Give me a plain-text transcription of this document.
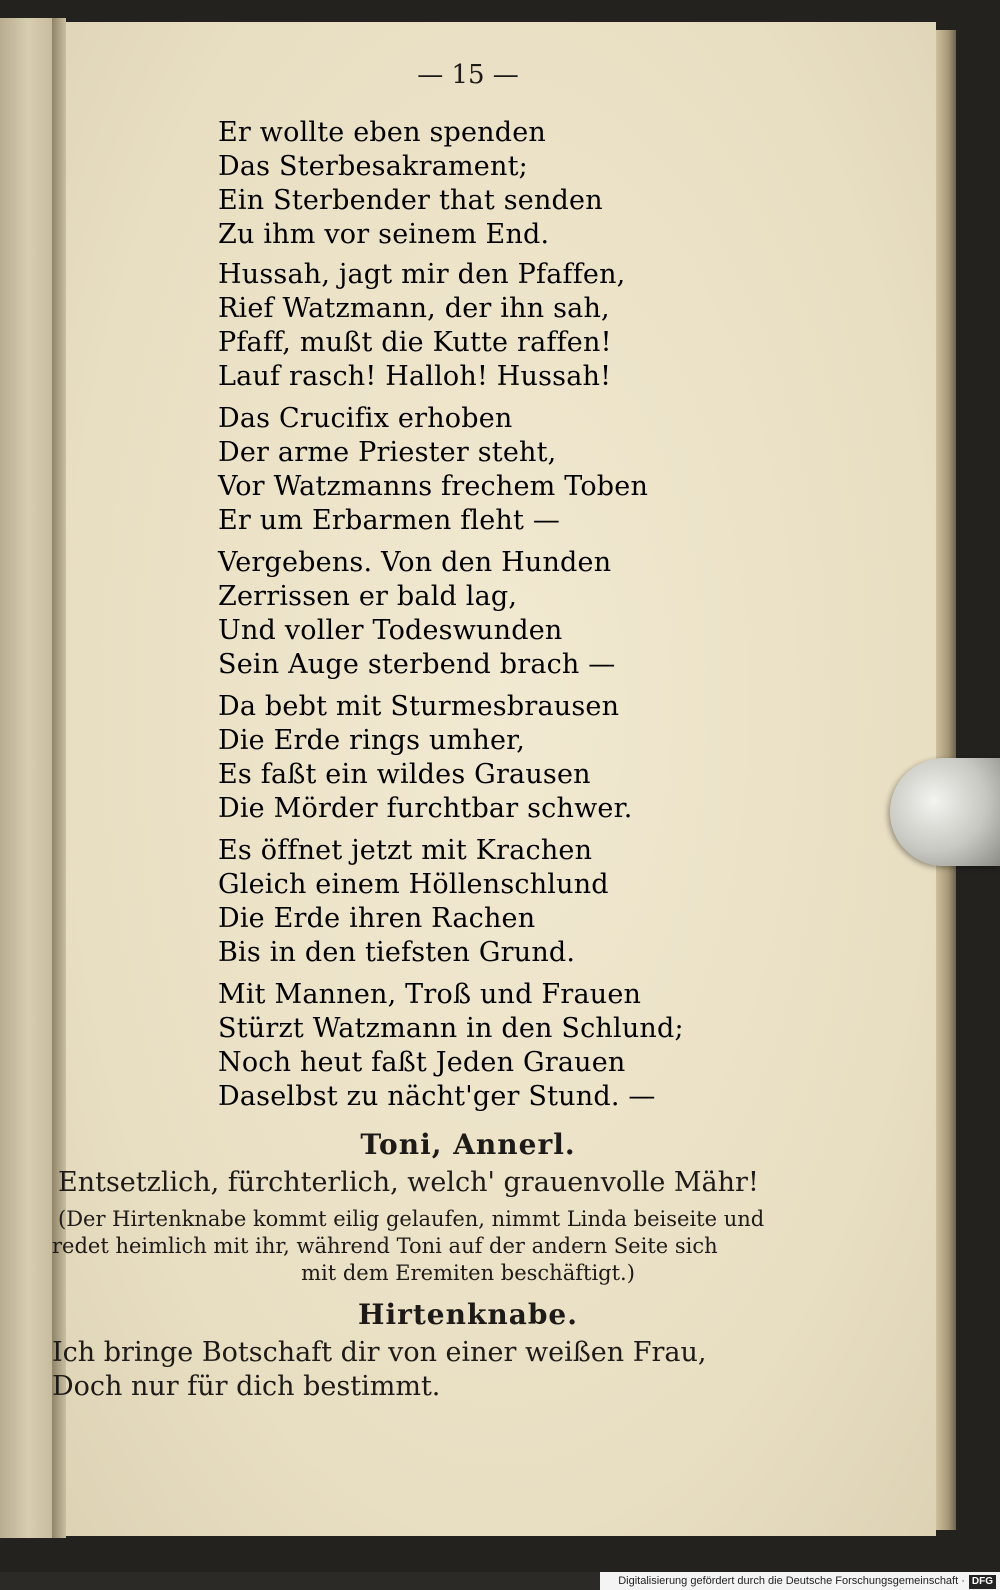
— 15 —
Er wollte eben spenden
Das Sterbesakrament;
Ein Sterbender that senden
Zu ihm vor seinem End.
Hussah, jagt mir den Pfaffen,
Rief Watzmann, der ihn sah,
Pfaff, mußt die Kutte raffen!
Lauf rasch! Halloh! Hussah!
Das Crucifix erhoben
Der arme Priester steht,
Vor Watzmanns frechem Toben
Er um Erbarmen fleht —
Vergebens. Von den Hunden
Zerrissen er bald lag,
Und voller Todeswunden
Sein Auge sterbend brach —
Da bebt mit Sturmesbrausen
Die Erde rings umher,
Es faßt ein wildes Grausen
Die Mörder furchtbar schwer.
Es öffnet jetzt mit Krachen
Gleich einem Höllenschlund
Die Erde ihren Rachen
Bis in den tiefsten Grund.
Mit Mannen, Troß und Frauen
Stürzt Watzmann in den Schlund;
Noch heut faßt Jeden Grauen
Daselbst zu nächt'ger Stund. —
Toni, Annerl.
Entsetzlich, fürchterlich, welch' grauenvolle Mähr!
(Der Hirtenknabe kommt eilig gelaufen, nimmt Linda beiseite und
redet heimlich mit ihr, während Toni auf der andern Seite sich
mit dem Eremiten beschäftigt.)
Hirtenknabe.
Ich bringe Botschaft dir von einer weißen Frau,
Doch nur für dich bestimmt.
Digitalisierung gefördert durch die Deutsche Forschungsgemeinschaft · DFG
